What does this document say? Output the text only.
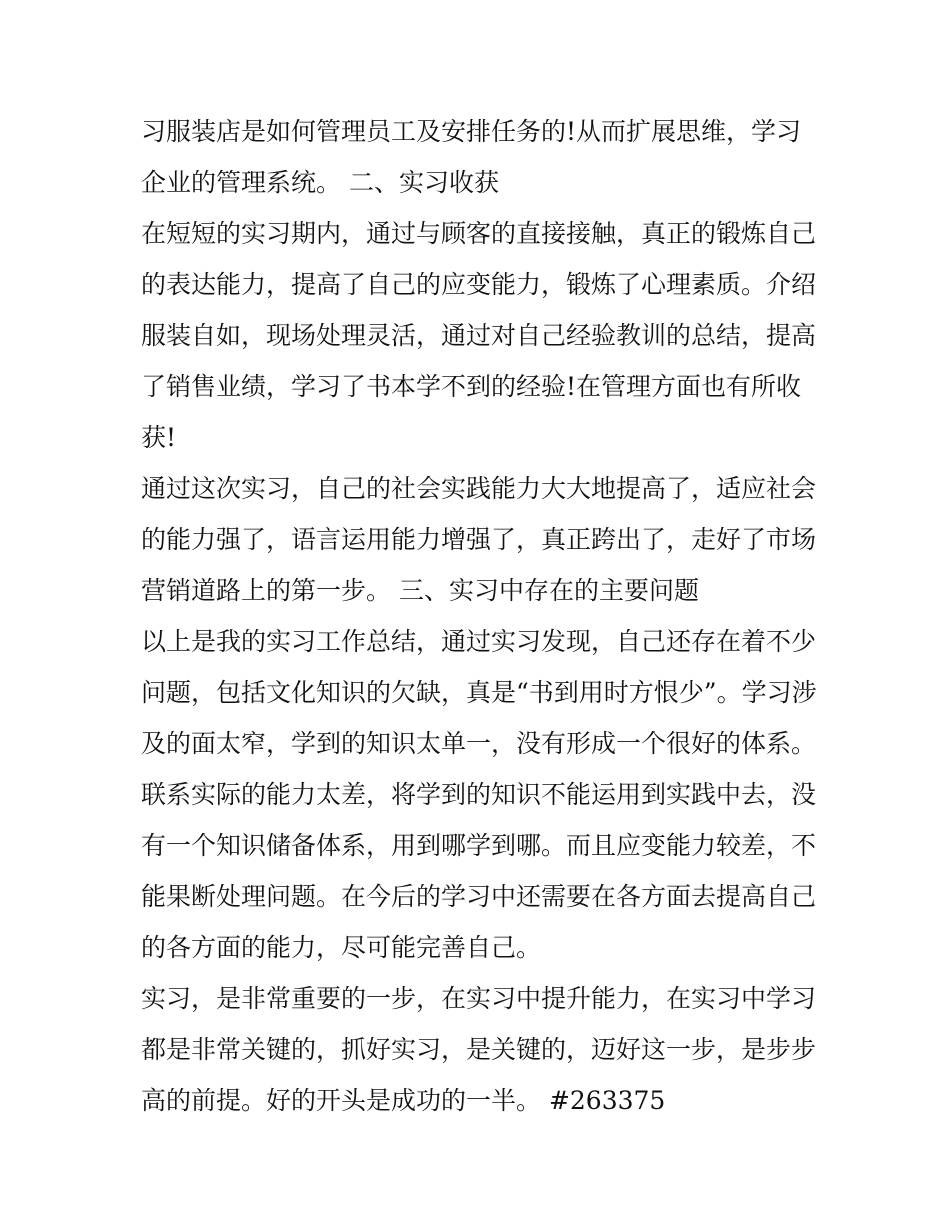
习服装店是如何管理员工及安排任务的!从而扩展思维，学习
企业的管理系统。 二、实习收获
在短短的实习期内，通过与顾客的直接接触，真正的锻炼自己
的表达能力，提高了自己的应变能力，锻炼了心理素质。介绍
服装自如，现场处理灵活，通过对自己经验教训的总结，提高
了销售业绩，学习了书本学不到的经验!在管理方面也有所收
获!
通过这次实习，自己的社会实践能力大大地提高了，适应社会
的能力强了，语言运用能力增强了，真正跨出了，走好了市场
营销道路上的第一步。 三、实习中存在的主要问题
以上是我的实习工作总结，通过实习发现，自己还存在着不少
问题，包括文化知识的欠缺，真是“书到用时方恨少”。学习涉
及的面太窄，学到的知识太单一，没有形成一个很好的体系。
联系实际的能力太差，将学到的知识不能运用到实践中去，没
有一个知识储备体系，用到哪学到哪。而且应变能力较差，不
能果断处理问题。在今后的学习中还需要在各方面去提高自己
的各方面的能力，尽可能完善自己。
实习，是非常重要的一步，在实习中提升能力，在实习中学习
都是非常关键的，抓好实习，是关键的，迈好这一步，是步步
高的前提。好的开头是成功的一半。 #263375
